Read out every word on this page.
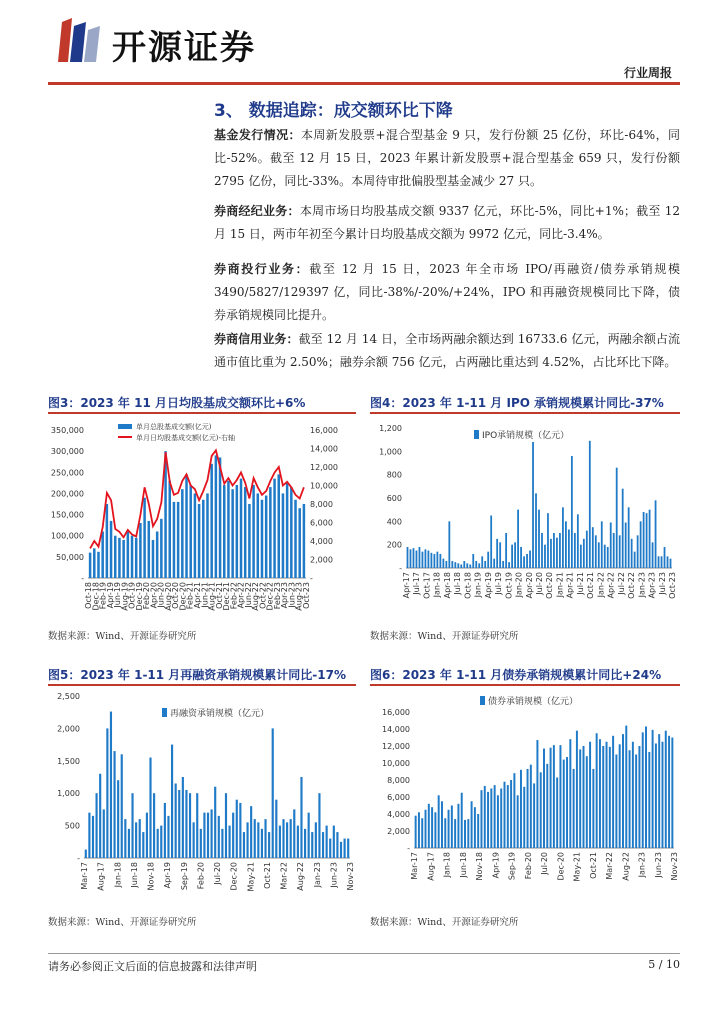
开源证券
行业周报
3、 数据追踪：成交额环比下降
基金发行情况：本周新发股票+混合型基金 9 只，发行份额 25 亿份，环比-64%，同比-52%。截至 12 月 15 日，2023 年累计新发股票+混合型基金 659 只，发行份额 2795 亿份，同比-33%。本周待审批偏股型基金减少 27 只。
券商经纪业务：本周市场日均股基成交额 9337 亿元，环比-5%，同比+1%；截至 12 月 15 日，两市年初至今累计日均股基成交额为 9972 亿元，同比-3.4%。
券商投行业务：截至 12 月 15 日，2023 年全市场 IPO/再融资/债券承销规模 3490/5827/129397 亿，同比-38%/-20%/+24%，IPO 和再融资规模同比下降，债券承销规模同比提升。
券商信用业务：截至 12 月 14 日，全市场两融余额达到 16733.6 亿元，两融余额占流通市值比重为 2.50%；融券余额 756 亿元，占两融比重达到 4.52%，占比环比下降。
图3：2023 年 11 月日均股基成交额环比+6%
-
50,000
100,000
150,000
200,000
250,000
300,000
350,000
-
2,000
4,000
6,000
8,000
10,000
12,000
14,000
16,000
Oct-18
Dec-18
Feb-19
Apr-19
Jun-19
Aug-19
Oct-19
Dec-19
Feb-20
Apr-20
Jun-20
Aug-20
Oct-20
Dec-20
Feb-21
Apr-21
Jun-21
Aug-21
Oct-21
Dec-21
Feb-22
Apr-22
Jun-22
Aug-22
Oct-22
Dec-22
Feb-23
Apr-23
Jun-23
Aug-23
Oct-23
单月总股基成交额(亿元)
单月日均股基成交额(亿元)-右轴
数据来源：Wind、开源证券研究所
图4：2023 年 1-11 月 IPO 承销规模累计同比-37%
-
200
400
600
800
1,000
1,200
Apr-17 Jul-17 Oct-17 Jan-18 Apr-18 Jul-18 Oct-18 Jan-19 Apr-19 Jul-19 Oct-19 Jan-20 Apr-20 Jul-20 Oct-20 Jan-21 Apr-21 Jul-21 Oct-21 Jan-22 Apr-22 Jul-22 Oct-22 Jan-23 Apr-23 Jul-23 Oct-23
IPO承销规模（亿元）
数据来源：Wind、开源证券研究所
图5：2023 年 1-11 月再融资承销规模累计同比-17%
-
500
1,000
1,500
2,000
2,500
Mar-17 Aug-17 Jan-18 Jun-18 Nov-18 Apr-19 Sep-19 Feb-20 Jul-20 Dec-20 May-21 Oct-21 Mar-22 Aug-22 Jan-23 Jun-23 Nov-23
再融资承销规模（亿元）
数据来源：Wind、开源证券研究所
图6：2023 年 1-11 月债券承销规模累计同比+24%
-
2,000
4,000
6,000
8,000
10,000
12,000
14,000
16,000
Mar-17 Aug-17 Jan-18 Jun-18 Nov-18 Apr-19 Sep-19 Feb-20 Jul-20 Dec-20 May-21 Oct-21 Mar-22 Aug-22 Jan-23 Jun-23 Nov-23
债券承销规模（亿元）
数据来源：Wind、开源证券研究所
请务必参阅正文后面的信息披露和法律声明	5 / 10
